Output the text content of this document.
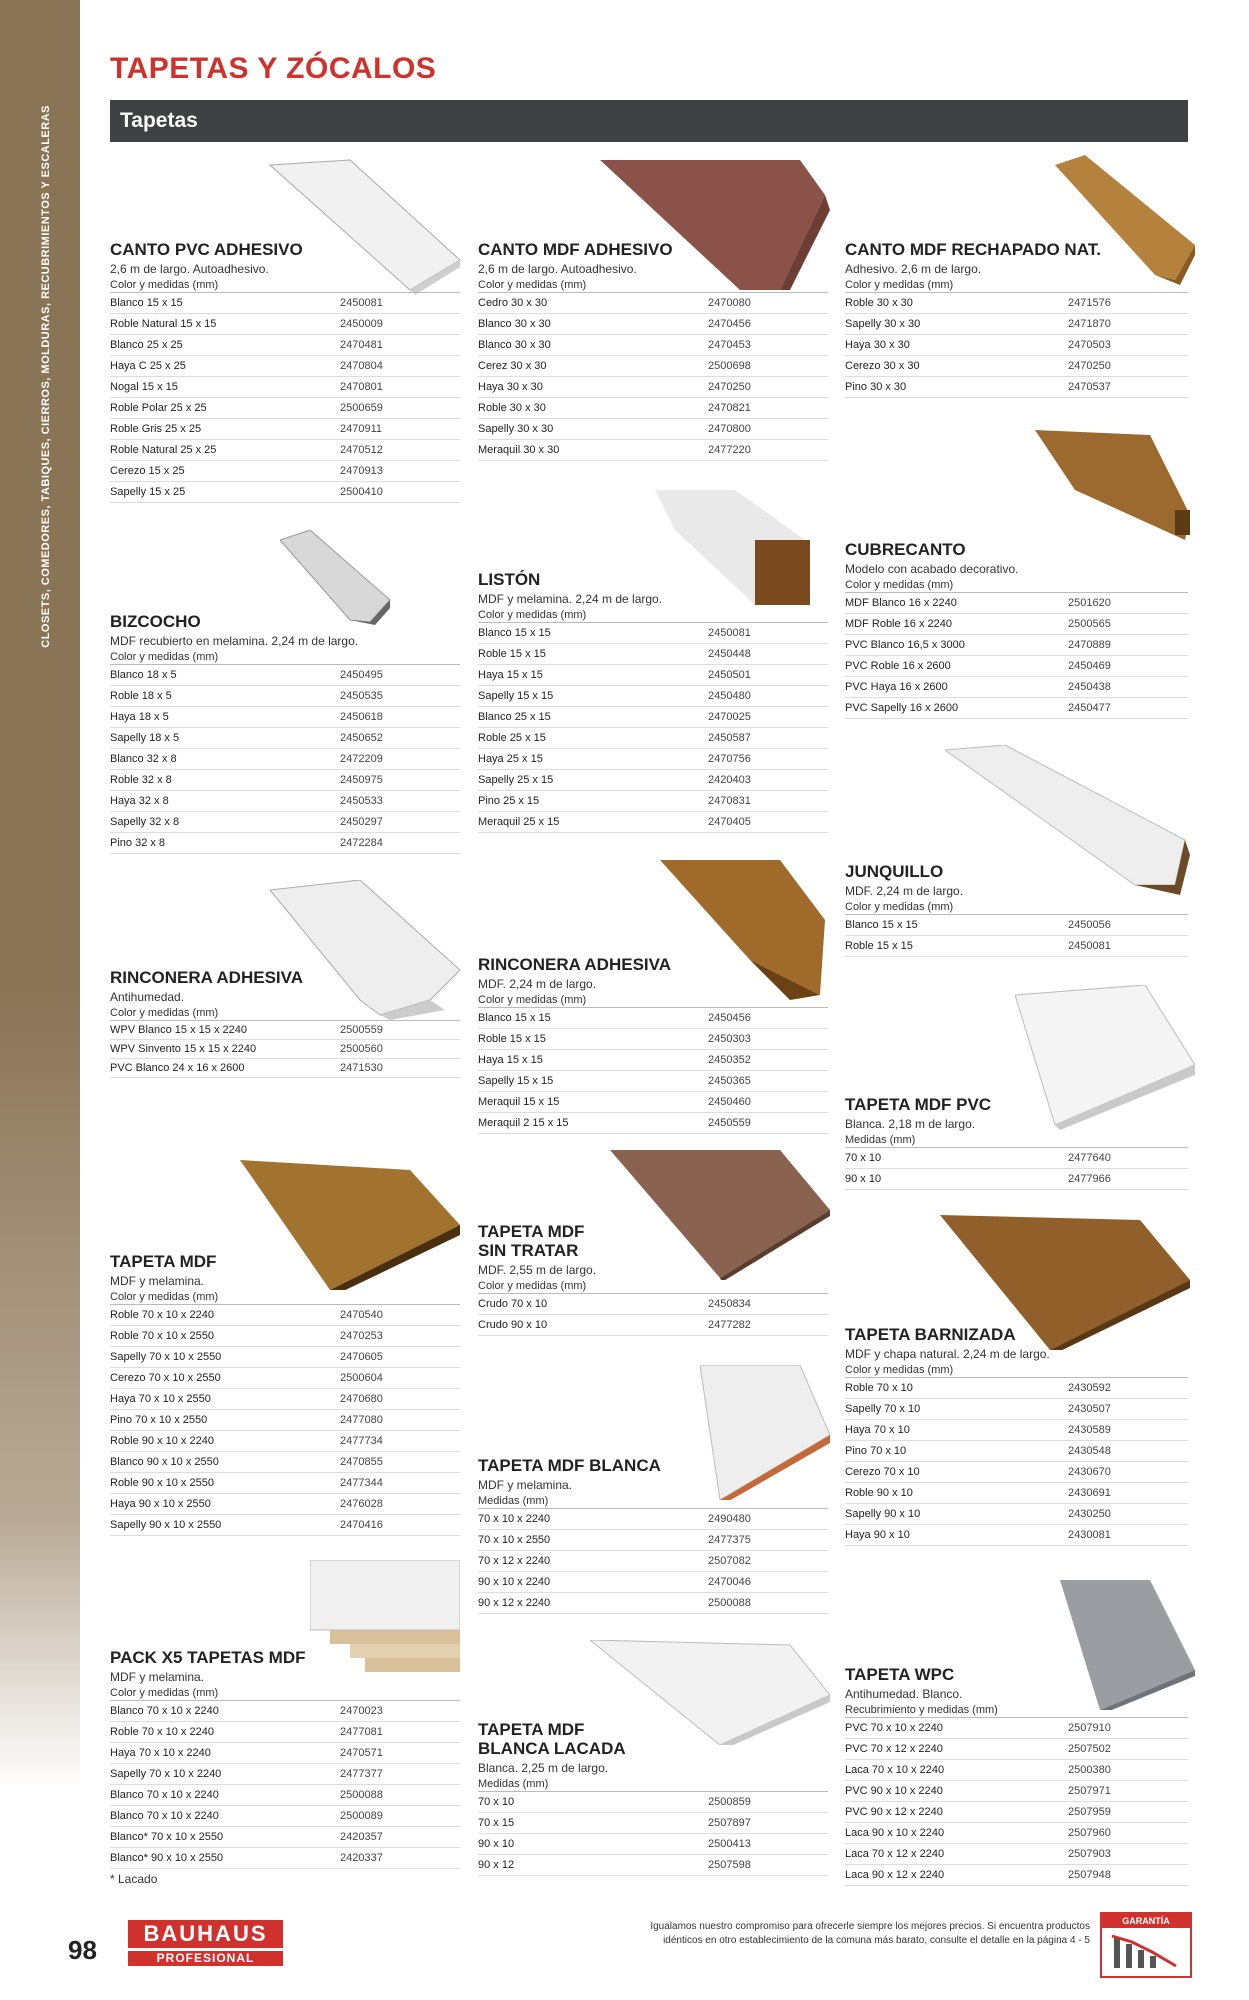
CLOSETS, COMEDORES, TABIQUES, CIERROS, MOLDURAS, RECUBRIMIENTOS Y ESCALERAS
TAPETAS Y ZÓCALOS
Tapetas
CANTO PVC ADHESIVO
2,6 m de largo. Autoadhesivo.
Color y medidas (mm)
Blanco 15 x 15	2450081
Roble Natural 15 x 15	2450009
Blanco 25 x 25	2470481
Haya C 25 x 25	2470804
Nogal 15 x 15	2470801
Roble Polar 25 x 25	2500659
Roble Gris 25 x 25	2470911
Roble Natural 25 x 25	2470512
Cerezo 15 x 25	2470913
Sapelly 15 x 25	2500410
BIZCOCHO
MDF recubierto en melamina. 2,24 m de largo.
Color y medidas (mm)
Blanco 18 x 5	2450495
Roble 18 x 5	2450535
Haya 18 x 5	2450618
Sapelly 18 x 5	2450652
Blanco 32 x 8	2472209
Roble 32 x 8	2450975
Haya 32 x 8	2450533
Sapelly 32 x 8	2450297
Pino 32 x 8	2472284
RINCONERA ADHESIVA
Antihumedad.
Color y medidas (mm)
WPV Blanco 15 x 15 x 2240	2500559
WPV Sinvento 15 x 15 x 2240	2500560
PVC Blanco 24 x 16 x 2600	2471530
TAPETA MDF
MDF y melamina.
Color y medidas (mm)
Roble 70 x 10 x 2240	2470540
Roble 70 x 10 x 2550	2470253
Sapelly 70 x 10 x 2550	2470605
Cerezo 70 x 10 x 2550	2500604
Haya 70 x 10 x 2550	2470680
Pino 70 x 10 x 2550	2477080
Roble 90 x 10 x 2240	2477734
Blanco 90 x 10 x 2550	2470855
Roble 90 x 10 x 2550	2477344
Haya 90 x 10 x 2550	2476028
Sapelly 90 x 10 x 2550	2470416
PACK X5 TAPETAS MDF
MDF y melamina.
Color y medidas (mm)
Blanco 70 x 10 x 2240	2470023
Roble 70 x 10 x 2240	2477081
Haya 70 x 10 x 2240	2470571
Sapelly 70 x 10 x 2240	2477377
Blanco 70 x 10 x 2240	2500088
Blanco 70 x 10 x 2240	2500089
Blanco* 70 x 10 x 2550	2420357
Blanco* 90 x 10 x 2550	2420337
* Lacado
CANTO MDF ADHESIVO
2,6 m de largo. Autoadhesivo.
Color y medidas (mm)
Cedro 30 x 30	2470080
Blanco 30 x 30	2470456
Blanco 30 x 30	2470453
Cerez 30 x 30	2500698
Haya 30 x 30	2470250
Roble 30 x 30	2470821
Sapelly 30 x 30	2470800
Meraquil 30 x 30	2477220
LISTÓN
MDF y melamina. 2,24 m de largo.
Color y medidas (mm)
Blanco 15 x 15	2450081
Roble 15 x 15	2450448
Haya 15 x 15	2450501
Sapelly 15 x 15	2450480
Blanco 25 x 15	2470025
Roble 25 x 15	2450587
Haya 25 x 15	2470756
Sapelly 25 x 15	2420403
Pino 25 x 15	2470831
Meraquil 25 x 15	2470405
RINCONERA ADHESIVA
MDF. 2,24 m de largo.
Color y medidas (mm)
Blanco 15 x 15	2450456
Roble 15 x 15	2450303
Haya 15 x 15	2450352
Sapelly 15 x 15	2450365
Meraquil 15 x 15	2450460
Meraquil 2 15 x 15	2450559
TAPETA MDF SIN TRATAR
MDF. 2,55 m de largo.
Color y medidas (mm)
Crudo 70 x 10	2450834
Crudo 90 x 10	2477282
TAPETA MDF BLANCA
MDF y melamina.
Medidas (mm)
70 x 10 x 2240	2490480
70 x 10 x 2550	2477375
70 x 12 x 2240	2507082
90 x 10 x 2240	2470046
90 x 12 x 2240	2500088
TAPETA MDF BLANCA LACADA
Blanca. 2,25 m de largo.
Medidas (mm)
70 x 10	2500859
70 x 15	2507897
90 x 10	2500413
90 x 12	2507598
CANTO MDF RECHAPADO NAT.
Adhesivo. 2,6 m de largo.
Color y medidas (mm)
Roble 30 x 30	2471576
Sapelly 30 x 30	2471870
Haya 30 x 30	2470503
Cerezo 30 x 30	2470250
Pino 30 x 30	2470537
CUBRECANTO
Modelo con acabado decorativo.
Color y medidas (mm)
MDF Blanco 16 x 2240	2501620
MDF Roble 16 x 2240	2500565
PVC Blanco 16,5 x 3000	2470889
PVC Roble 16 x 2600	2450469
PVC Haya 16 x 2600	2450438
PVC Sapelly 16 x 2600	2450477
JUNQUILLO
MDF. 2,24 m de largo.
Color y medidas (mm)
Blanco 15 x 15	2450056
Roble 15 x 15	2450081
TAPETA MDF PVC
Blanca. 2,18 m de largo.
Medidas (mm)
70 x 10	2477640
90 x 10	2477966
TAPETA BARNIZADA
MDF y chapa natural. 2,24 m de largo.
Color y medidas (mm)
Roble 70 x 10	2430592
Sapelly 70 x 10	2430507
Haya 70 x 10	2430589
Pino 70 x 10	2430548
Cerezo 70 x 10	2430670
Roble 90 x 10	2430691
Sapelly 90 x 10	2430250
Haya 90 x 10	2430081
TAPETA WPC
Antihumedad. Blanco.
Recubrimiento y medidas (mm)
PVC 70 x 10 x 2240	2507910
PVC 70 x 12 x 2240	2507502
Laca 70 x 10 x 2240	2500380
PVC 90 x 10 x 2240	2507971
PVC 90 x 12 x 2240	2507959
Laca 90 x 10 x 2240	2507960
Laca 70 x 12 x 2240	2507903
Laca 90 x 12 x 2240	2507948
98
BAUHAUS
PROFESIONAL
Igualamos nuestro compromiso para ofrecerle siempre los mejores precios. Si encuentra productos idénticos en otro establecimiento de la comuna más barato, consulte el detalle en la página 4 - 5
GARANTÍA
